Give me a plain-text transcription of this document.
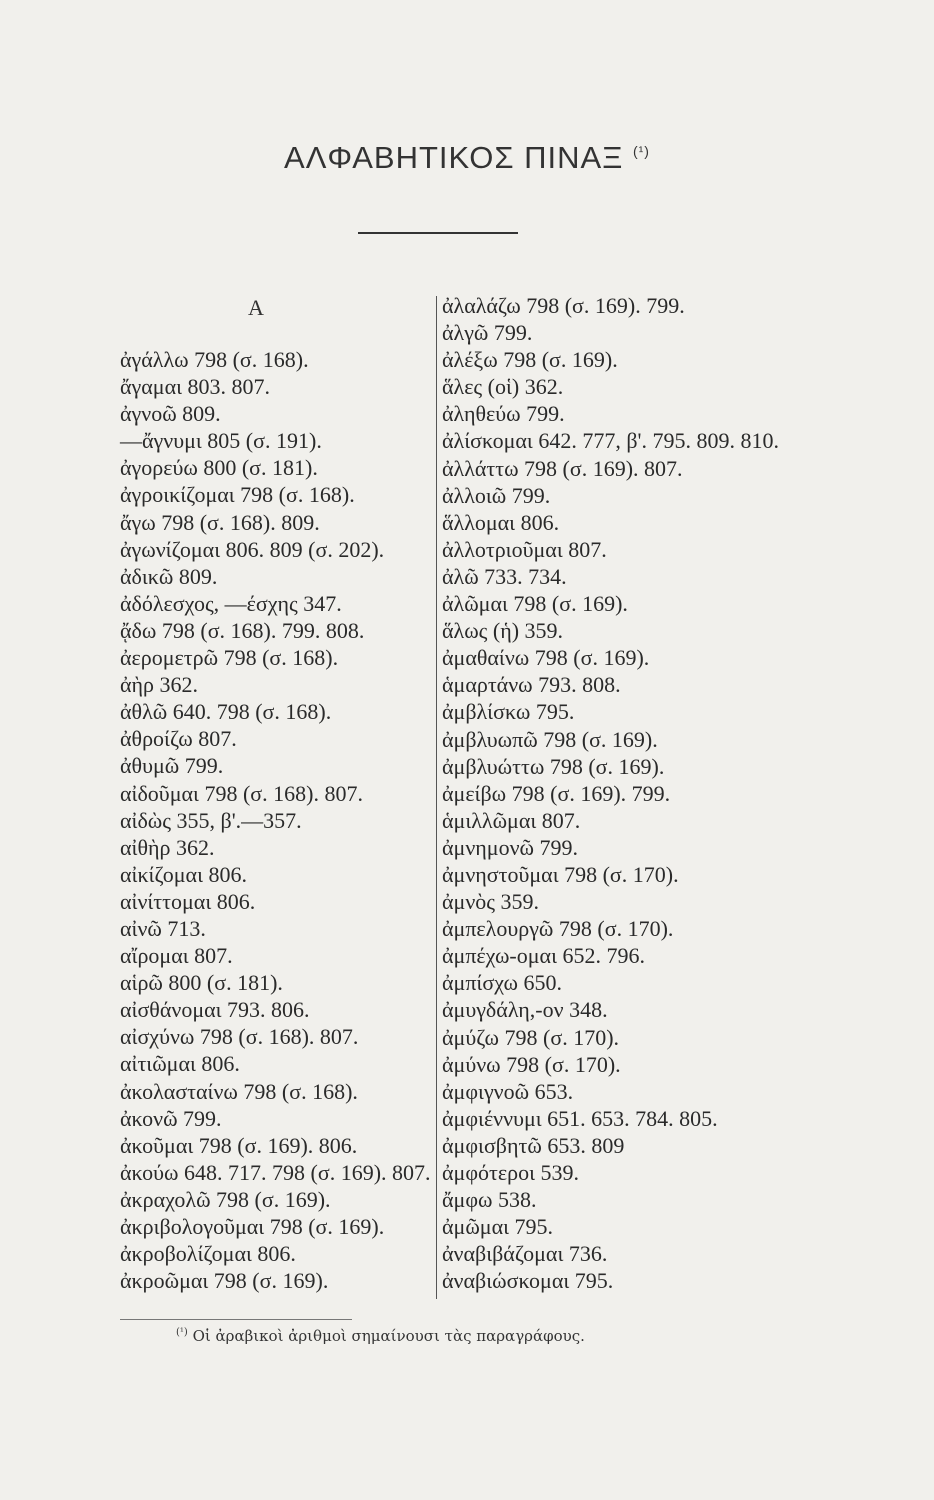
ΑΛΦΑΒΗΤΙΚΟΣ ΠΙΝΑΞ $^{(^1)}$
Α
ἀγάλλω 798 (σ. 168).
ἄγαμαι 803. 807.
ἀγνοῶ 809.
—ἄγνυμι 805 (σ. 191).
ἀγορεύω 800 (σ. 181).
ἀγροικίζομαι 798 (σ. 168).
ἄγω 798 (σ. 168). 809.
ἀγωνίζομαι 806. 809 (σ. 202).
ἀδικῶ 809.
ἀδόλεσχος, —έσχης 347.
ᾄδω 798 (σ. 168). 799. 808.
ἀερομετρῶ 798 (σ. 168).
ἀὴρ 362.
ἀθλῶ 640. 798 (σ. 168).
ἀθροίζω 807.
ἀθυμῶ 799.
αἰδοῦμαι 798 (σ. 168). 807.
αἰδὼς 355, β'.—357.
αἰθὴρ 362.
αἰκίζομαι 806.
αἰνίττομαι 806.
αἰνῶ 713.
αἴρομαι 807.
αἱρῶ 800 (σ. 181).
αἰσθάνομαι 793. 806.
αἰσχύνω 798 (σ. 168). 807.
αἰτιῶμαι 806.
ἀκολασταίνω 798 (σ. 168).
ἀκονῶ 799.
ἀκοῦμαι 798 (σ. 169). 806.
ἀκούω 648. 717. 798 (σ. 169). 807.
ἀκραχολῶ 798 (σ. 169).
ἀκριβολογοῦμαι 798 (σ. 169).
ἀκροβολίζομαι 806.
ἀκροῶμαι 798 (σ. 169).
ἀλαλάζω 798 (σ. 169). 799.
ἀλγῶ 799.
ἀλέξω 798 (σ. 169).
ἅλες (οἱ) 362.
ἀληθεύω 799.
ἀλίσκομαι 642. 777, β'. 795. 809. 810.
ἀλλάττω 798 (σ. 169). 807.
ἀλλοιῶ 799.
ἅλλομαι 806.
ἀλλοτριοῦμαι 807.
ἀλῶ 733. 734.
ἀλῶμαι 798 (σ. 169).
ἅλως (ἡ) 359.
ἀμαθαίνω 798 (σ. 169).
ἁμαρτάνω 793. 808.
ἀμβλίσκω 795.
ἀμβλυωπῶ 798 (σ. 169).
ἀμβλυώττω 798 (σ. 169).
ἀμείβω 798 (σ. 169). 799.
ἁμιλλῶμαι 807.
ἀμνημονῶ 799.
ἀμνηστοῦμαι 798 (σ. 170).
ἀμνὸς 359.
ἀμπελουργῶ 798 (σ. 170).
ἀμπέχω-ομαι 652. 796.
ἀμπίσχω 650.
ἀμυγδάλη,-ον 348.
ἀμύζω 798 (σ. 170).
ἀμύνω 798 (σ. 170).
ἀμφιγνοῶ 653.
ἀμφιέννυμι 651. 653. 784. 805.
ἀμφισβητῶ 653. 809
ἀμφότεροι 539.
ἄμφω 538.
ἀμῶμαι 795.
ἀναβιβάζομαι 736.
ἀναβιώσκομαι 795.
$^{(^1)}$ Οἱ ἀραβικοὶ ἀριθμοὶ σημαίνουσι τὰς παραγράφους.
